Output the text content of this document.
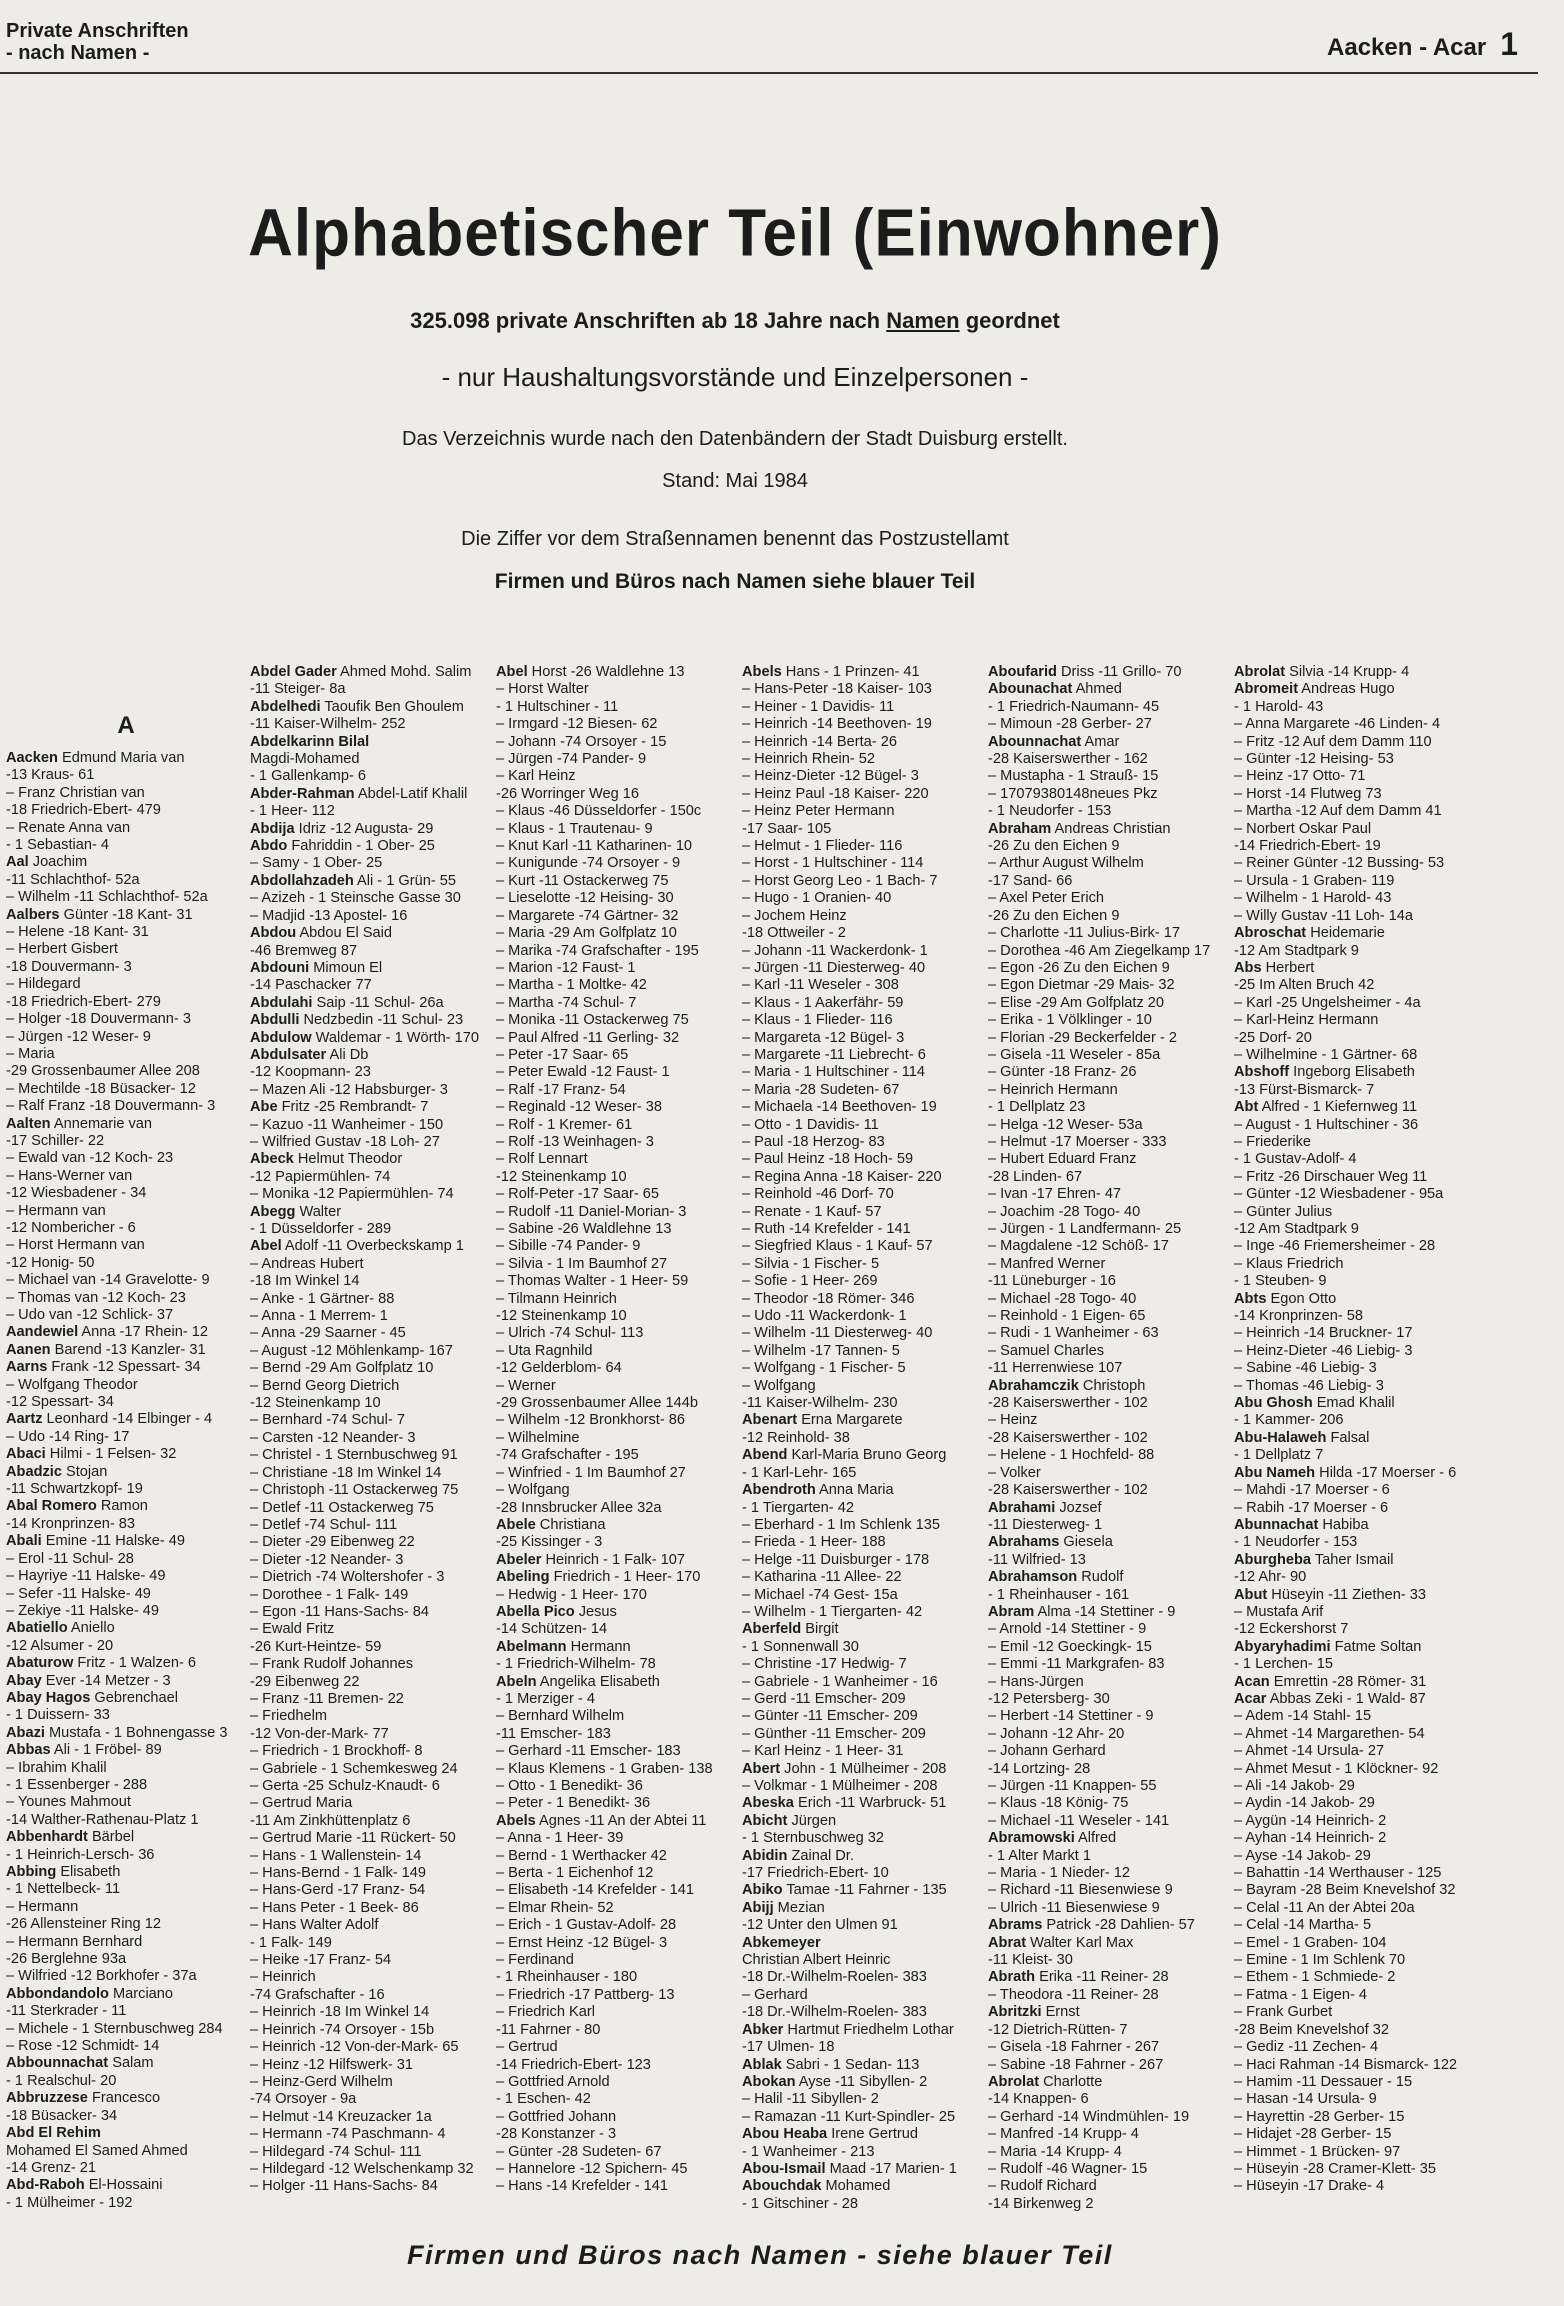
Private Anschriften
- nach Namen -	Aacken - Acar 1
Alphabetischer Teil (Einwohner)
325.098 private Anschriften ab 18 Jahre nach Namen geordnet
- nur Haushaltungsvorstände und Einzelpersonen -
Das Verzeichnis wurde nach den Datenbändern der Stadt Duisburg erstellt.
Stand: Mai 1984
Die Ziffer vor dem Straßennamen benennt das Postzustellamt
Firmen und Büros nach Namen siehe blauer Teil
A
Aacken Edmund Maria van
-13 Kraus- 61
– Franz Christian van
-18 Friedrich-Ebert- 479
– Renate Anna van
- 1 Sebastian- 4
Aal Joachim
-11 Schlachthof- 52a
– Wilhelm -11 Schlachthof- 52a
Aalbers Günter -18 Kant- 31
– Helene -18 Kant- 31
– Herbert Gisbert
-18 Douvermann- 3
– Hildegard
-18 Friedrich-Ebert- 279
– Holger -18 Douvermann- 3
– Jürgen -12 Weser- 9
– Maria
-29 Grossenbaumer Allee 208
– Mechtilde -18 Büsacker- 12
– Ralf Franz -18 Douvermann- 3
Aalten Annemarie van
-17 Schiller- 22
– Ewald van -12 Koch- 23
– Hans-Werner van
-12 Wiesbadener - 34
– Hermann van
-12 Nombericher - 6
– Horst Hermann van
-12 Honig- 50
– Michael van -14 Gravelotte- 9
– Thomas van -12 Koch- 23
– Udo van -12 Schlick- 37
Aandewiel Anna -17 Rhein- 12
Aanen Barend -13 Kanzler- 31
Aarns Frank -12 Spessart- 34
– Wolfgang Theodor
-12 Spessart- 34
Aartz Leonhard -14 Elbinger - 4
– Udo -14 Ring- 17
Abaci Hilmi - 1 Felsen- 32
Abadzic Stojan
-11 Schwartzkopf- 19
Abal Romero Ramon
-14 Kronprinzen- 83
Abali Emine -11 Halske- 49
– Erol -11 Schul- 28
– Hayriye -11 Halske- 49
– Sefer -11 Halske- 49
– Zekiye -11 Halske- 49
Abatiello Aniello
-12 Alsumer - 20
Abaturow Fritz - 1 Walzen- 6
Abay Ever -14 Metzer - 3
Abay Hagos Gebrenchael
- 1 Duissern- 33
Abazi Mustafa - 1 Bohnengasse 3
Abbas Ali - 1 Fröbel- 89
– Ibrahim Khalil
- 1 Essenberger - 288
– Younes Mahmout
-14 Walther-Rathenau-Platz 1
Abbenhardt Bärbel
- 1 Heinrich-Lersch- 36
Abbing Elisabeth
- 1 Nettelbeck- 11
– Hermann
-26 Allensteiner Ring 12
– Hermann Bernhard
-26 Berglehne 93a
– Wilfried -12 Borkhofer - 37a
Abbondandolo Marciano
-11 Sterkrader - 11
– Michele - 1 Sternbuschweg 284
– Rose -12 Schmidt- 14
Abbounnachat Salam
- 1 Realschul- 20
Abbruzzese Francesco
-18 Büsacker- 34
Abd El Rehim
Mohamed El Samed Ahmed
-14 Grenz- 21
Abd-Raboh El-Hossaini
- 1 Mülheimer - 192
Abdel Gader Ahmed Mohd. Salim
-11 Steiger- 8a
Abdelhedi Taoufik Ben Ghoulem
-11 Kaiser-Wilhelm- 252
Abdelkarinn Bilal
Magdi-Mohamed
- 1 Gallenkamp- 6
Abder-Rahman Abdel-Latif Khalil
- 1 Heer- 112
Abdija Idriz -12 Augusta- 29
Abdo Fahriddin - 1 Ober- 25
– Samy - 1 Ober- 25
Abdollahzadeh Ali - 1 Grün- 55
– Azizeh - 1 Steinsche Gasse 30
– Madjid -13 Apostel- 16
Abdou Abdou El Said
-46 Bremweg 87
Abdouni Mimoun El
-14 Paschacker 77
Abdulahi Saip -11 Schul- 26a
Abdulli Nedzbedin -11 Schul- 23
Abdulow Waldemar - 1 Wörth- 170
Abdulsater Ali Db
-12 Koopmann- 23
– Mazen Ali -12 Habsburger- 3
Abe Fritz -25 Rembrandt- 7
– Kazuo -11 Wanheimer - 150
– Wilfried Gustav -18 Loh- 27
Abeck Helmut Theodor
-12 Papiermühlen- 74
– Monika -12 Papiermühlen- 74
Abegg Walter
- 1 Düsseldorfer - 289
Abel Adolf -11 Overbeckskamp 1
– Andreas Hubert
-18 Im Winkel 14
– Anke - 1 Gärtner- 88
– Anna - 1 Merrem- 1
– Anna -29 Saarner - 45
– August -12 Möhlenkamp- 167
– Bernd -29 Am Golfplatz 10
– Bernd Georg Dietrich
-12 Steinenkamp 10
– Bernhard -74 Schul- 7
– Carsten -12 Neander- 3
– Christel - 1 Sternbuschweg 91
– Christiane -18 Im Winkel 14
– Christoph -11 Ostackerweg 75
– Detlef -11 Ostackerweg 75
– Detlef -74 Schul- 111
– Dieter -29 Eibenweg 22
– Dieter -12 Neander- 3
– Dietrich -74 Woltershofer - 3
– Dorothee - 1 Falk- 149
– Egon -11 Hans-Sachs- 84
– Ewald Fritz
-26 Kurt-Heintze- 59
– Frank Rudolf Johannes
-29 Eibenweg 22
– Franz -11 Bremen- 22
– Friedhelm
-12 Von-der-Mark- 77
– Friedrich - 1 Brockhoff- 8
– Gabriele - 1 Schemkesweg 24
– Gerta -25 Schulz-Knaudt- 6
– Gertrud Maria
-11 Am Zinkhüttenplatz 6
– Gertrud Marie -11 Rückert- 50
– Hans - 1 Wallenstein- 14
– Hans-Bernd - 1 Falk- 149
– Hans-Gerd -17 Franz- 54
– Hans Peter - 1 Beek- 86
– Hans Walter Adolf
- 1 Falk- 149
– Heike -17 Franz- 54
– Heinrich
-74 Grafschafter - 16
– Heinrich -18 Im Winkel 14
– Heinrich -74 Orsoyer - 15b
– Heinrich -12 Von-der-Mark- 65
– Heinz -12 Hilfswerk- 31
– Heinz-Gerd Wilhelm
-74 Orsoyer - 9a
– Helmut -14 Kreuzacker 1a
– Hermann -74 Paschmann- 4
– Hildegard -74 Schul- 111
– Hildegard -12 Welschenkamp 32
– Holger -11 Hans-Sachs- 84
Abel Horst -26 Waldlehne 13
– Horst Walter
- 1 Hultschiner - 11
– Irmgard -12 Biesen- 62
– Johann -74 Orsoyer - 15
– Jürgen -74 Pander- 9
– Karl Heinz
-26 Worringer Weg 16
– Klaus -46 Düsseldorfer - 150c
– Klaus - 1 Trautenau- 9
– Knut Karl -11 Katharinen- 10
– Kunigunde -74 Orsoyer - 9
– Kurt -11 Ostackerweg 75
– Lieselotte -12 Heising- 30
– Margarete -74 Gärtner- 32
– Maria -29 Am Golfplatz 10
– Marika -74 Grafschafter - 195
– Marion -12 Faust- 1
– Martha - 1 Moltke- 42
– Martha -74 Schul- 7
– Monika -11 Ostackerweg 75
– Paul Alfred -11 Gerling- 32
– Peter -17 Saar- 65
– Peter Ewald -12 Faust- 1
– Ralf -17 Franz- 54
– Reginald -12 Weser- 38
– Rolf - 1 Kremer- 61
– Rolf -13 Weinhagen- 3
– Rolf Lennart
-12 Steinenkamp 10
– Rolf-Peter -17 Saar- 65
– Rudolf -11 Daniel-Morian- 3
– Sabine -26 Waldlehne 13
– Sibille -74 Pander- 9
– Silvia - 1 Im Baumhof 27
– Thomas Walter - 1 Heer- 59
– Tilmann Heinrich
-12 Steinenkamp 10
– Ulrich -74 Schul- 113
– Uta Ragnhild
-12 Gelderblom- 64
– Werner
-29 Grossenbaumer Allee 144b
– Wilhelm -12 Bronkhorst- 86
– Wilhelmine
-74 Grafschafter - 195
– Winfried - 1 Im Baumhof 27
– Wolfgang
-28 Innsbrucker Allee 32a
Abele Christiana
-25 Kissinger - 3
Abeler Heinrich - 1 Falk- 107
Abeling Friedrich - 1 Heer- 170
– Hedwig - 1 Heer- 170
Abella Pico Jesus
-14 Schützen- 14
Abelmann Hermann
- 1 Friedrich-Wilhelm- 78
Abeln Angelika Elisabeth
- 1 Merziger - 4
– Bernhard Wilhelm
-11 Emscher- 183
– Gerhard -11 Emscher- 183
– Klaus Klemens - 1 Graben- 138
– Otto - 1 Benedikt- 36
– Peter - 1 Benedikt- 36
Abels Agnes -11 An der Abtei 11
– Anna - 1 Heer- 39
– Bernd - 1 Werthacker 42
– Berta - 1 Eichenhof 12
– Elisabeth -14 Krefelder - 141
– Elmar Rhein- 52
– Erich - 1 Gustav-Adolf- 28
– Ernst Heinz -12 Bügel- 3
– Ferdinand
- 1 Rheinhauser - 180
– Friedrich -17 Pattberg- 13
– Friedrich Karl
-11 Fahrner - 80
– Gertrud
-14 Friedrich-Ebert- 123
– Gottfried Arnold
- 1 Eschen- 42
– Gottfried Johann
-28 Konstanzer - 3
– Günter -28 Sudeten- 67
– Hannelore -12 Spichern- 45
– Hans -14 Krefelder - 141
Abels Hans - 1 Prinzen- 41
– Hans-Peter -18 Kaiser- 103
– Heiner - 1 Davidis- 11
– Heinrich -14 Beethoven- 19
– Heinrich -14 Berta- 26
– Heinrich Rhein- 52
– Heinz-Dieter -12 Bügel- 3
– Heinz Paul -18 Kaiser- 220
– Heinz Peter Hermann
-17 Saar- 105
– Helmut - 1 Flieder- 116
– Horst - 1 Hultschiner - 114
– Horst Georg Leo - 1 Bach- 7
– Hugo - 1 Oranien- 40
– Jochem Heinz
-18 Ottweiler - 2
– Johann -11 Wackerdonk- 1
– Jürgen -11 Diesterweg- 40
– Karl -11 Weseler - 308
– Klaus - 1 Aakerfähr- 59
– Klaus - 1 Flieder- 116
– Margareta -12 Bügel- 3
– Margarete -11 Liebrecht- 6
– Maria - 1 Hultschiner - 114
– Maria -28 Sudeten- 67
– Michaela -14 Beethoven- 19
– Otto - 1 Davidis- 11
– Paul -18 Herzog- 83
– Paul Heinz -18 Hoch- 59
– Regina Anna -18 Kaiser- 220
– Reinhold -46 Dorf- 70
– Renate - 1 Kauf- 57
– Ruth -14 Krefelder - 141
– Siegfried Klaus - 1 Kauf- 57
– Silvia - 1 Fischer- 5
– Sofie - 1 Heer- 269
– Theodor -18 Römer- 346
– Udo -11 Wackerdonk- 1
– Wilhelm -11 Diesterweg- 40
– Wilhelm -17 Tannen- 5
– Wolfgang - 1 Fischer- 5
– Wolfgang
-11 Kaiser-Wilhelm- 230
Abenart Erna Margarete
-12 Reinhold- 38
Abend Karl-Maria Bruno Georg
- 1 Karl-Lehr- 165
Abendroth Anna Maria
- 1 Tiergarten- 42
– Eberhard - 1 Im Schlenk 135
– Frieda - 1 Heer- 188
– Helge -11 Duisburger - 178
– Katharina -11 Allee- 22
– Michael -74 Gest- 15a
– Wilhelm - 1 Tiergarten- 42
Aberfeld Birgit
- 1 Sonnenwall 30
– Christine -17 Hedwig- 7
– Gabriele - 1 Wanheimer - 16
– Gerd -11 Emscher- 209
– Günter -11 Emscher- 209
– Günther -11 Emscher- 209
– Karl Heinz - 1 Heer- 31
Abert John - 1 Mülheimer - 208
– Volkmar - 1 Mülheimer - 208
Abeska Erich -11 Warbruck- 51
Abicht Jürgen
- 1 Sternbuschweg 32
Abidin Zainal Dr.
-17 Friedrich-Ebert- 10
Abiko Tamae -11 Fahrner - 135
Abijj Mezian
-12 Unter den Ulmen 91
Abkemeyer
Christian Albert Heinric
-18 Dr.-Wilhelm-Roelen- 383
– Gerhard
-18 Dr.-Wilhelm-Roelen- 383
Abker Hartmut Friedhelm Lothar
-17 Ulmen- 18
Ablak Sabri - 1 Sedan- 113
Abokan Ayse -11 Sibyllen- 2
– Halil -11 Sibyllen- 2
– Ramazan -11 Kurt-Spindler- 25
Abou Heaba Irene Gertrud
- 1 Wanheimer - 213
Abou-Ismail Maad -17 Marien- 1
Abouchdak Mohamed
- 1 Gitschiner - 28
Aboufarid Driss -11 Grillo- 70
Abounachat Ahmed
- 1 Friedrich-Naumann- 45
– Mimoun -28 Gerber- 27
Abounnachat Amar
-28 Kaiserswerther - 162
– Mustapha - 1 Strauß- 15
– 17079380148neues Pkz
- 1 Neudorfer - 153
Abraham Andreas Christian
-26 Zu den Eichen 9
– Arthur August Wilhelm
-17 Sand- 66
– Axel Peter Erich
-26 Zu den Eichen 9
– Charlotte -11 Julius-Birk- 17
– Dorothea -46 Am Ziegelkamp 17
– Egon -26 Zu den Eichen 9
– Egon Dietmar -29 Mais- 32
– Elise -29 Am Golfplatz 20
– Erika - 1 Völklinger - 10
– Florian -29 Beckerfelder - 2
– Gisela -11 Weseler - 85a
– Günter -18 Franz- 26
– Heinrich Hermann
- 1 Dellplatz 23
– Helga -12 Weser- 53a
– Helmut -17 Moerser - 333
– Hubert Eduard Franz
-28 Linden- 67
– Ivan -17 Ehren- 47
– Joachim -28 Togo- 40
– Jürgen - 1 Landfermann- 25
– Magdalene -12 Schöß- 17
– Manfred Werner
-11 Lüneburger - 16
– Michael -28 Togo- 40
– Reinhold - 1 Eigen- 65
– Rudi - 1 Wanheimer - 63
– Samuel Charles
-11 Herrenwiese 107
Abrahamczik Christoph
-28 Kaiserswerther - 102
– Heinz
-28 Kaiserswerther - 102
– Helene - 1 Hochfeld- 88
– Volker
-28 Kaiserswerther - 102
Abrahami Jozsef
-11 Diesterweg- 1
Abrahams Giesela
-11 Wilfried- 13
Abrahamson Rudolf
- 1 Rheinhauser - 161
Abram Alma -14 Stettiner - 9
– Arnold -14 Stettiner - 9
– Emil -12 Goeckingk- 15
– Emmi -11 Markgrafen- 83
– Hans-Jürgen
-12 Petersberg- 30
– Herbert -14 Stettiner - 9
– Johann -12 Ahr- 20
– Johann Gerhard
-14 Lortzing- 28
– Jürgen -11 Knappen- 55
– Klaus -18 König- 75
– Michael -11 Weseler - 141
Abramowski Alfred
- 1 Alter Markt 1
– Maria - 1 Nieder- 12
– Richard -11 Biesenwiese 9
– Ulrich -11 Biesenwiese 9
Abrams Patrick -28 Dahlien- 57
Abrat Walter Karl Max
-11 Kleist- 30
Abrath Erika -11 Reiner- 28
– Theodora -11 Reiner- 28
Abritzki Ernst
-12 Dietrich-Rütten- 7
– Gisela -18 Fahrner - 267
– Sabine -18 Fahrner - 267
Abrolat Charlotte
-14 Knappen- 6
– Gerhard -14 Windmühlen- 19
– Manfred -14 Krupp- 4
– Maria -14 Krupp- 4
– Rudolf -46 Wagner- 15
– Rudolf Richard
-14 Birkenweg 2
Abrolat Silvia -14 Krupp- 4
Abromeit Andreas Hugo
- 1 Harold- 43
– Anna Margarete -46 Linden- 4
– Fritz -12 Auf dem Damm 110
– Günter -12 Heising- 53
– Heinz -17 Otto- 71
– Horst -14 Flutweg 73
– Martha -12 Auf dem Damm 41
– Norbert Oskar Paul
-14 Friedrich-Ebert- 19
– Reiner Günter -12 Bussing- 53
– Ursula - 1 Graben- 119
– Wilhelm - 1 Harold- 43
– Willy Gustav -11 Loh- 14a
Abroschat Heidemarie
-12 Am Stadtpark 9
Abs Herbert
-25 Im Alten Bruch 42
– Karl -25 Ungelsheimer - 4a
– Karl-Heinz Hermann
-25 Dorf- 20
– Wilhelmine - 1 Gärtner- 68
Abshoff Ingeborg Elisabeth
-13 Fürst-Bismarck- 7
Abt Alfred - 1 Kiefernweg 11
– August - 1 Hultschiner - 36
– Friederike
- 1 Gustav-Adolf- 4
– Fritz -26 Dirschauer Weg 11
– Günter -12 Wiesbadener - 95a
– Günter Julius
-12 Am Stadtpark 9
– Inge -46 Friemersheimer - 28
– Klaus Friedrich
- 1 Steuben- 9
Abts Egon Otto
-14 Kronprinzen- 58
– Heinrich -14 Bruckner- 17
– Heinz-Dieter -46 Liebig- 3
– Sabine -46 Liebig- 3
– Thomas -46 Liebig- 3
Abu Ghosh Emad Khalil
- 1 Kammer- 206
Abu-Halaweh Falsal
- 1 Dellplatz 7
Abu Nameh Hilda -17 Moerser - 6
– Mahdi -17 Moerser - 6
– Rabih -17 Moerser - 6
Abunnachat Habiba
- 1 Neudorfer - 153
Aburgheba Taher Ismail
-12 Ahr- 90
Abut Hüseyin -11 Ziethen- 33
– Mustafa Arif
-12 Eckershorst 7
Abyaryhadimi Fatme Soltan
- 1 Lerchen- 15
Acan Emrettin -28 Römer- 31
Acar Abbas Zeki - 1 Wald- 87
– Adem -14 Stahl- 15
– Ahmet -14 Margarethen- 54
– Ahmet -14 Ursula- 27
– Ahmet Mesut - 1 Klöckner- 92
– Ali -14 Jakob- 29
– Aydin -14 Jakob- 29
– Aygün -14 Heinrich- 2
– Ayhan -14 Heinrich- 2
– Ayse -14 Jakob- 29
– Bahattin -14 Werthauser - 125
– Bayram -28 Beim Knevelshof 32
– Celal -11 An der Abtei 20a
– Celal -14 Martha- 5
– Emel - 1 Graben- 104
– Emine - 1 Im Schlenk 70
– Ethem - 1 Schmiede- 2
– Fatma - 1 Eigen- 4
– Frank Gurbet
-28 Beim Knevelshof 32
– Gediz -11 Zechen- 4
– Haci Rahman -14 Bismarck- 122
– Hamim -11 Dessauer - 15
– Hasan -14 Ursula- 9
– Hayrettin -28 Gerber- 15
– Hidajet -28 Gerber- 15
– Himmet - 1 Brücken- 97
– Hüseyin -28 Cramer-Klett- 35
– Hüseyin -17 Drake- 4
Firmen und Büros nach Namen - siehe blauer Teil
